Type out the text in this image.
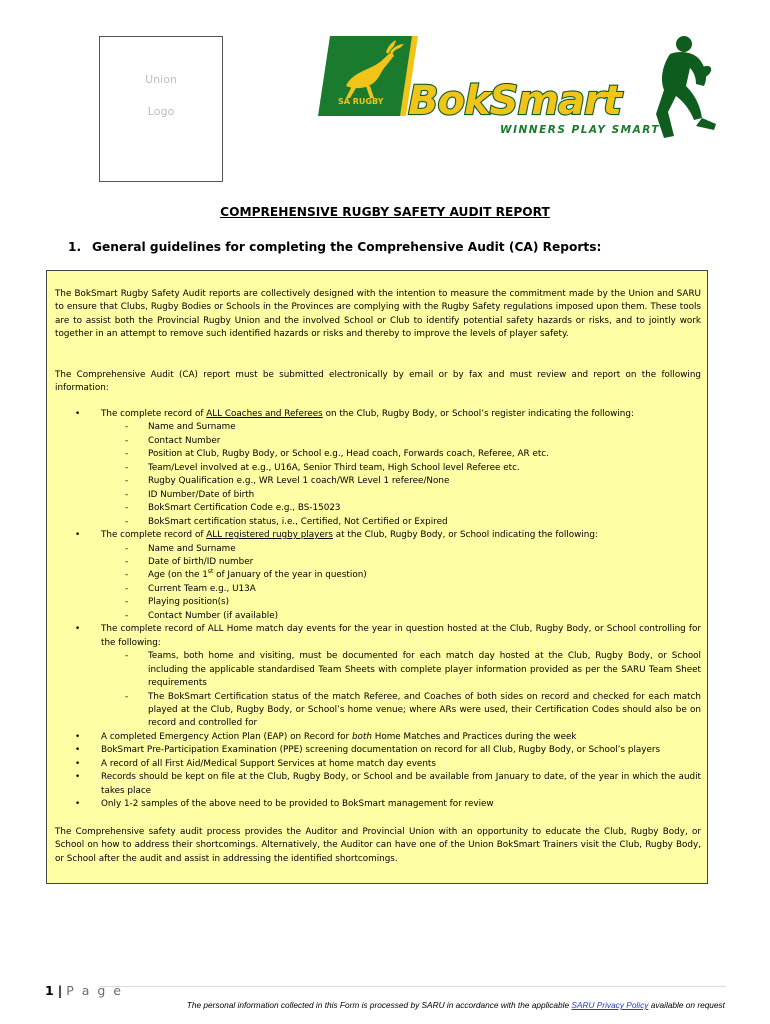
Union
Logo
SA RUGBY BokSmart
WINNERS PLAY SMART
COMPREHENSIVE RUGBY SAFETY AUDIT REPORT
1. General guidelines for completing the Comprehensive Audit (CA) Reports:

The BokSmart Rugby Safety Audit reports are collectively designed with the intention to measure the commitment made by the Union and SARU to ensure that Clubs, Rugby Bodies or Schools in the Provinces are complying with the Rugby Safety regulations imposed upon them. These tools are to assist both the Provincial Rugby Union and the involved School or Club to identify potential safety hazards or risks, and to jointly work together in an attempt to remove such identified hazards or risks and thereby to improve the levels of player safety.

The Comprehensive Audit (CA) report must be submitted electronically by email or by fax and must review and report on the following information:

• The complete record of ALL Coaches and Referees on the Club, Rugby Body, or School’s register indicating the following:
- Name and Surname
- Contact Number
- Position at Club, Rugby Body, or School e.g., Head coach, Forwards coach, Referee, AR etc.
- Team/Level involved at e.g., U16A, Senior Third team, High School level Referee etc.
- Rugby Qualification e.g., WR Level 1 coach/WR Level 1 referee/None
- ID Number/Date of birth
- BokSmart Certification Code e.g., BS-15023
- BokSmart certification status, i.e., Certified, Not Certified or Expired
• The complete record of ALL registered rugby players at the Club, Rugby Body, or School indicating the following:
- Name and Surname
- Date of birth/ID number
- Age (on the 1st of January of the year in question)
- Current Team e.g., U13A
- Playing position(s)
- Contact Number (if available)
• The complete record of ALL Home match day events for the year in question hosted at the Club, Rugby Body, or School controlling for the following:
- Teams, both home and visiting, must be documented for each match day hosted at the Club, Rugby Body, or School including the applicable standardised Team Sheets with complete player information provided as per the SARU Team Sheet requirements
- The BokSmart Certification status of the match Referee, and Coaches of both sides on record and checked for each match played at the Club, Rugby Body, or School’s home venue; where ARs were used, their Certification Codes should also be on record and controlled for
• A completed Emergency Action Plan (EAP) on Record for both Home Matches and Practices during the week
• BokSmart Pre-Participation Examination (PPE) screening documentation on record for all Club, Rugby Body, or School’s players
• A record of all First Aid/Medical Support Services at home match day events
• Records should be kept on file at the Club, Rugby Body, or School and be available from January to date, of the year in which the audit takes place
• Only 1-2 samples of the above need to be provided to BokSmart management for review

The Comprehensive safety audit process provides the Auditor and Provincial Union with an opportunity to educate the Club, Rugby Body, or School on how to address their shortcomings. Alternatively, the Auditor can have one of the Union BokSmart Trainers visit the Club, Rugby Body, or School after the audit and assist in addressing the identified shortcomings.

1 | P a g e
The personal information collected in this Form is processed by SARU in accordance with the applicable SARU Privacy Policy available on request
